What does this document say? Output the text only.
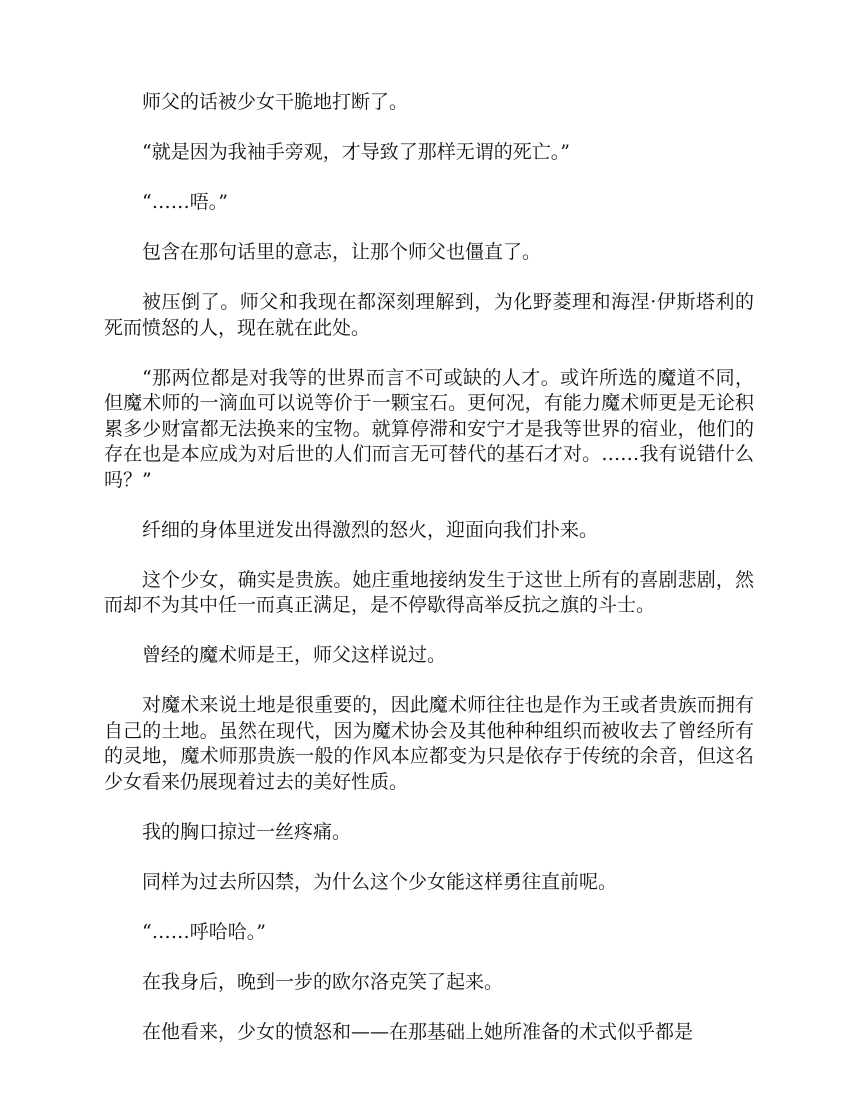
师父的话被少女干脆地打断了。

“就是因为我袖手旁观，才导致了那样无谓的死亡。”

“……唔。”

包含在那句话里的意志，让那个师父也僵直了。

被压倒了。师父和我现在都深刻理解到，为化野菱理和海涅·伊斯塔利的死而愤怒的人，现在就在此处。

“那两位都是对我等的世界而言不可或缺的人才。或许所选的魔道不同，但魔术师的一滴血可以说等价于一颗宝石。更何况，有能力魔术师更是无论积累多少财富都无法换来的宝物。就算停滞和安宁才是我等世界的宿业，他们的存在也是本应成为对后世的人们而言无可替代的基石才对。……我有说错什么吗？”

纤细的身体里迸发出得激烈的怒火，迎面向我们扑来。

这个少女，确实是贵族。她庄重地接纳发生于这世上所有的喜剧悲剧，然而却不为其中任一而真正满足，是不停歇得高举反抗之旗的斗士。

曾经的魔术师是王，师父这样说过。

对魔术来说土地是很重要的，因此魔术师往往也是作为王或者贵族而拥有自己的土地。虽然在现代，因为魔术协会及其他种种组织而被收去了曾经所有的灵地，魔术师那贵族一般的作风本应都变为只是依存于传统的余音，但这名少女看来仍展现着过去的美好性质。

我的胸口掠过一丝疼痛。

同样为过去所囚禁，为什么这个少女能这样勇往直前呢。

“……呼哈哈。”

在我身后，晚到一步的欧尔洛克笑了起来。

在他看来，少女的愤怒和——在那基础上她所准备的术式似乎都是
